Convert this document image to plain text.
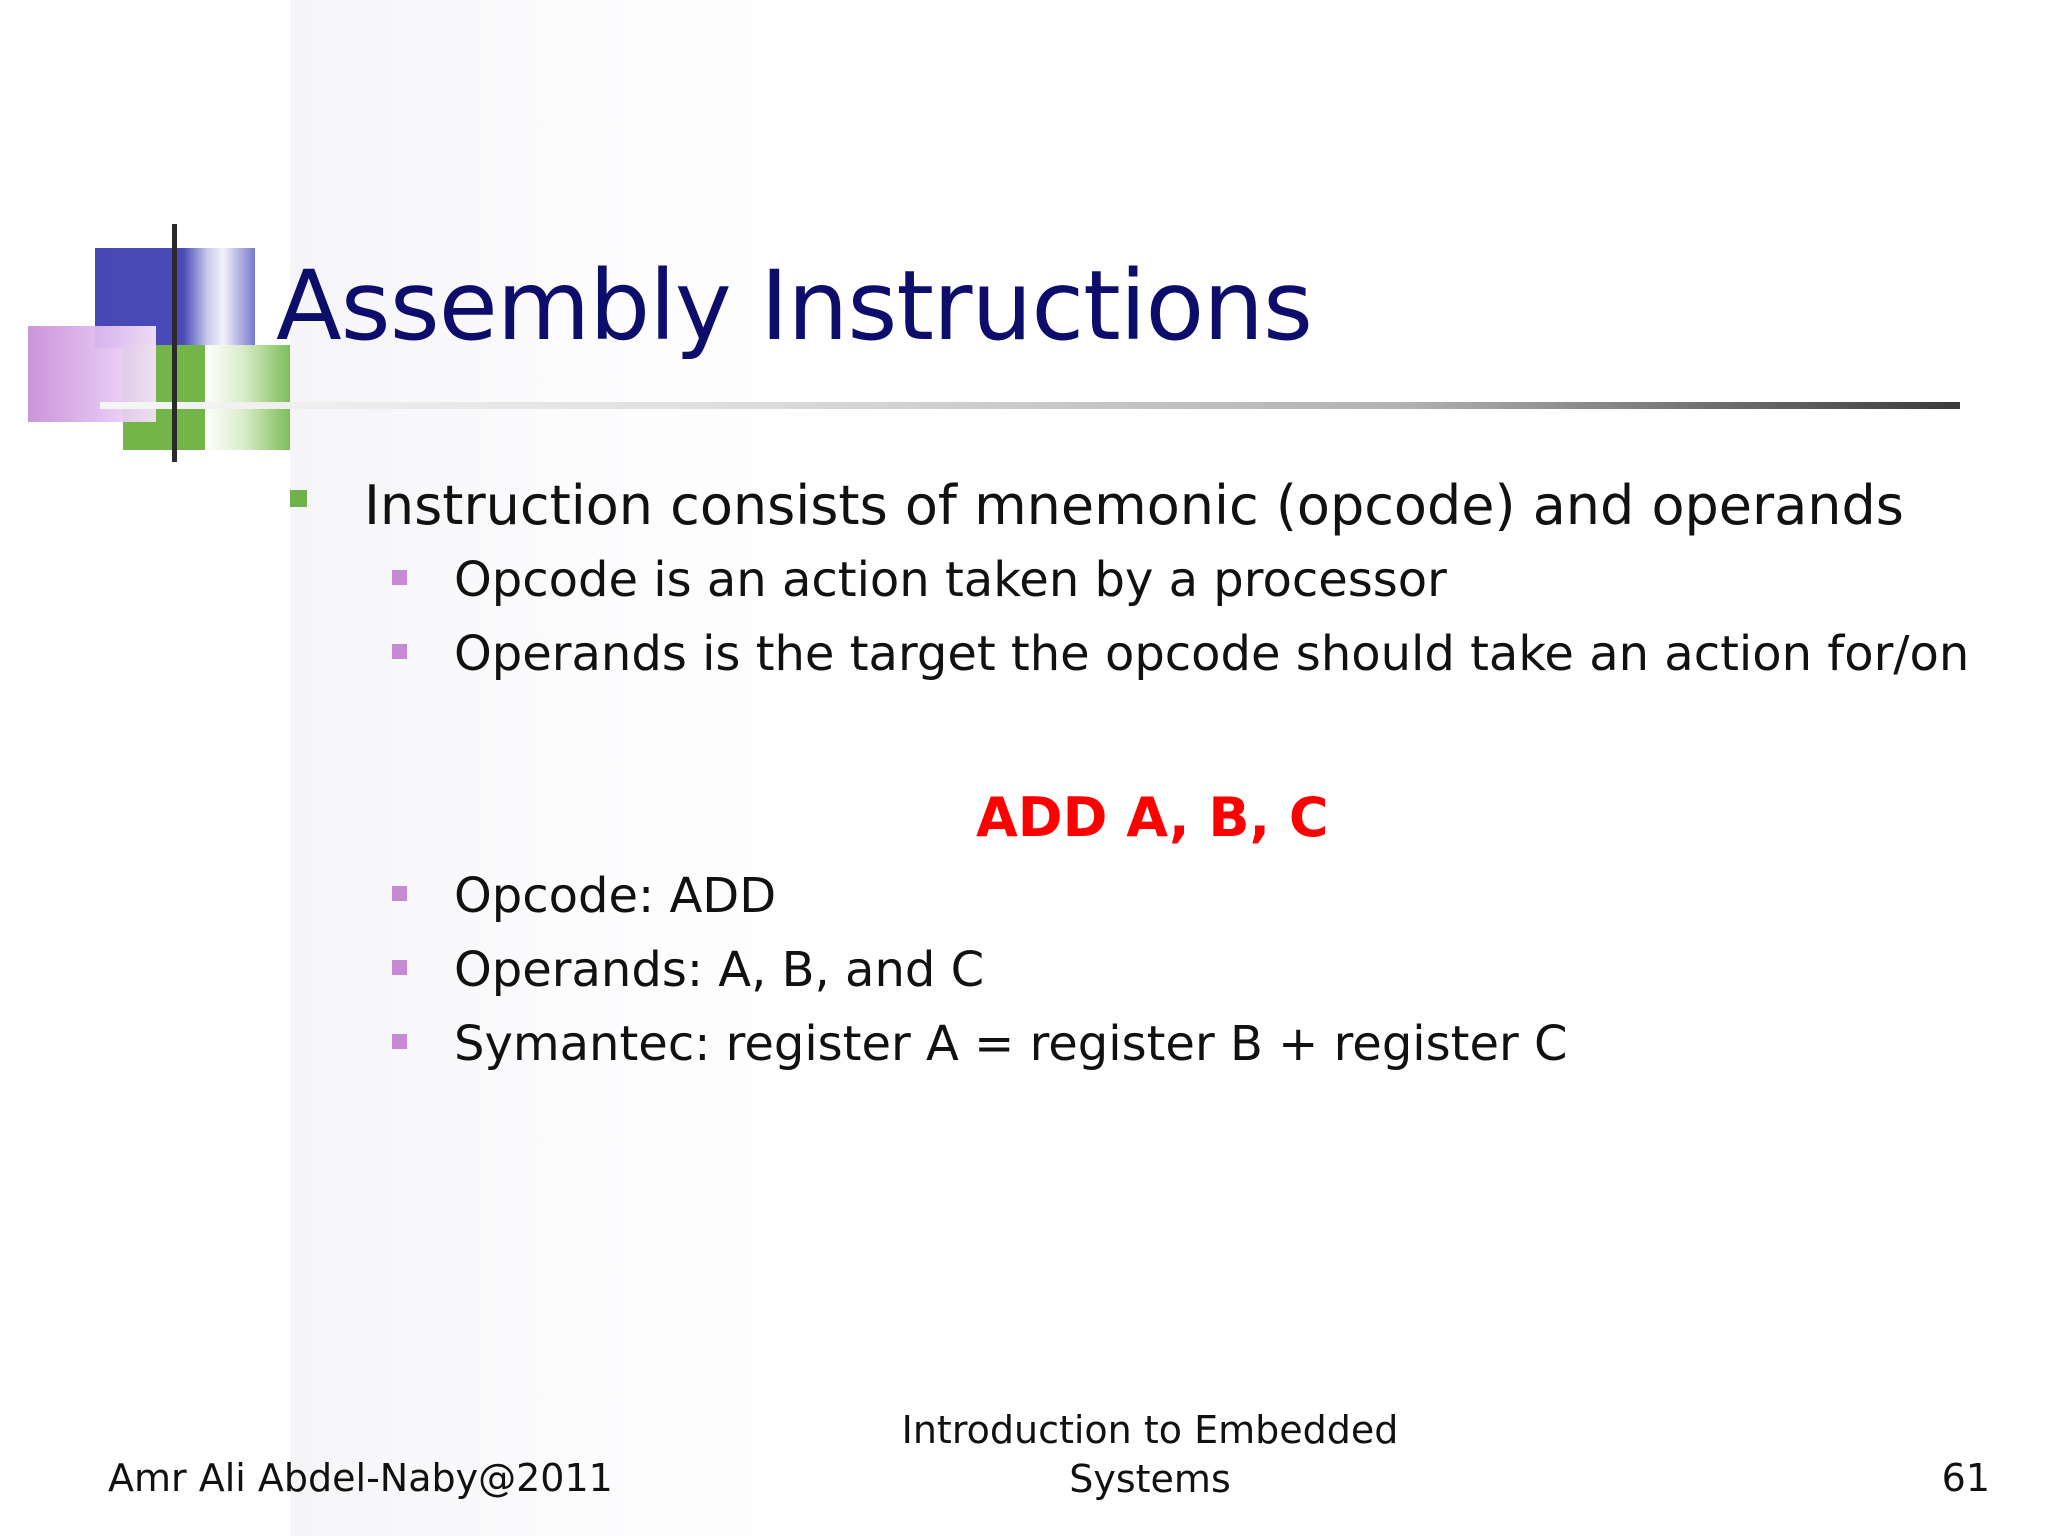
Assembly Instructions
Instruction consists of mnemonic (opcode) and operands
Opcode is an action taken by a processor
Operands is the target the opcode should take an action for/on
ADD A, B, C
Opcode: ADD
Operands: A, B, and C
Symantec: register A = register B + register C
Amr Ali Abdel-Naby@2011
Introduction to Embedded
Systems	61
